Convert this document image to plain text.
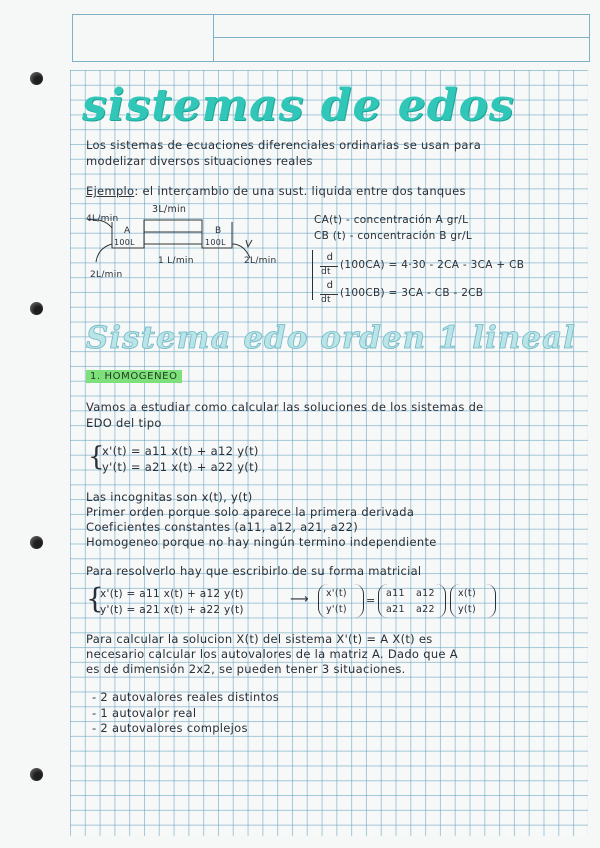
sistemas de edos
Los sistemas de ecuaciones diferenciales ordinarias se usan para
modelizar diversos situaciones reales
Ejemplo: el intercambio de una sust. liquida entre dos tanques
4L/min
3L/min
A
100L
B
100L
1 L/min	2L/min
2L/min
CA(t) - concentración A gr/L
CB (t) - concentración B gr/L
d
dt
(100CA) = 4·30 - 2CA - 3CA + CB
d
dt
(100CB) = 3CA - CB - 2CB
Sistema edo orden 1 lineal
1. HOMOGENEO
Vamos a estudiar como calcular las soluciones de los sistemas de
EDO del tipo
{
x'(t) = a11 x(t) + a12 y(t)
y'(t) = a21 x(t) + a22 y(t)
Las incognitas son x(t), y(t)
Primer orden porque solo aparece la primera derivada
Coeficientes constantes (a11, a12, a21, a22)
Homogeneo porque no hay ningún termino independiente
Para resolverlo hay que escribirlo de su forma matricial
{
x'(t) = a11 x(t) + a12 y(t)
y'(t) = a21 x(t) + a22 y(t)
⟶ x'(t)
y'(t)
=
a11 a12
a21 a22
x(t)
y(t)
Para calcular la solucion X(t) del sistema X'(t) = A X(t) es
necesario calcular los autovalores de la matriz A. Dado que A
es de dimensión 2x2, se pueden tener 3 situaciones.
- 2 autovalores reales distintos
- 1 autovalor real
- 2 autovalores complejos
